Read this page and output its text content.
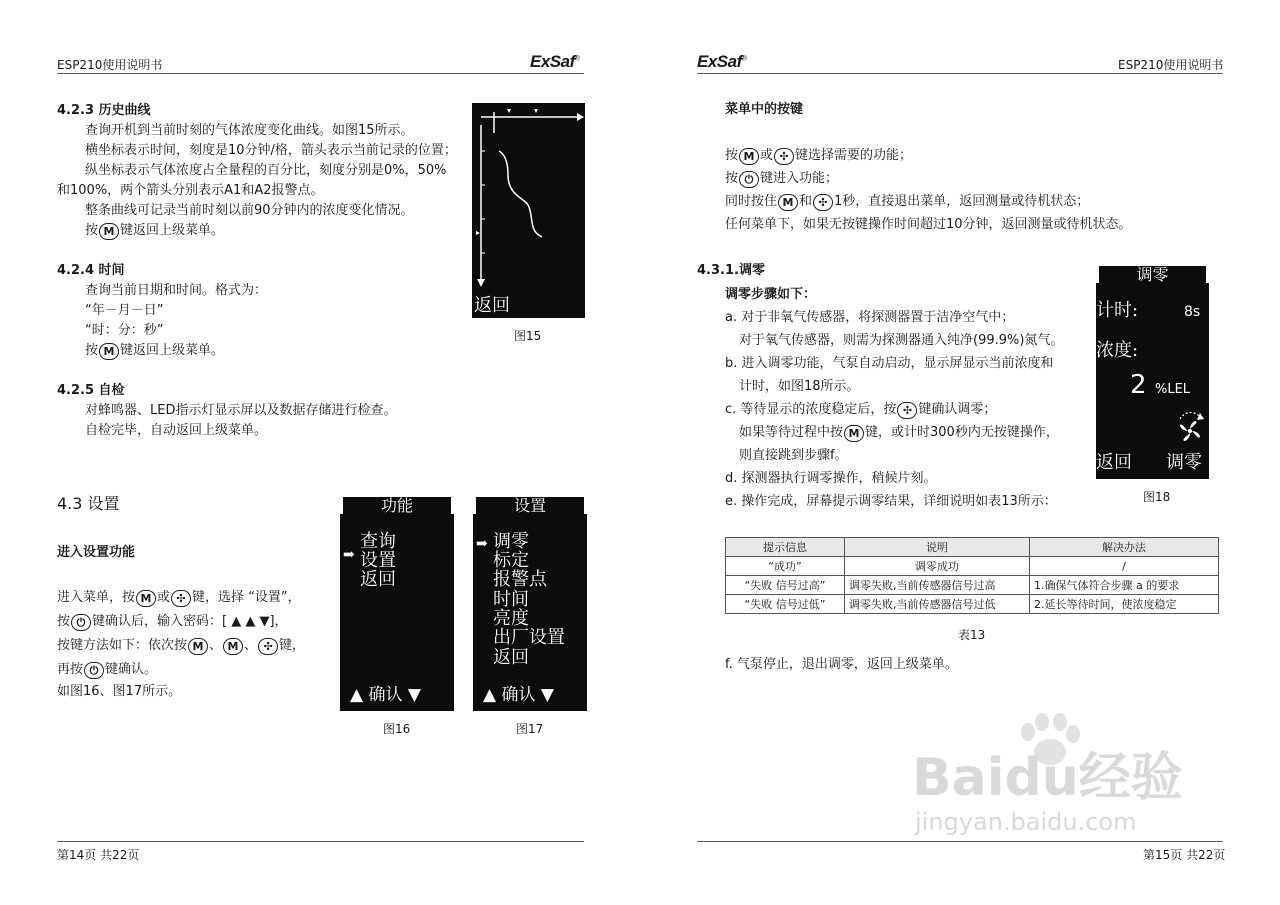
ESP210使用说明书	ExSaf®
4.2.3 历史曲线
查询开机到当前时刻的气体浓度变化曲线。如图15所示。
横坐标表示时间，刻度是10分钟/格，箭头表示当前记录的位置；
纵坐标表示气体浓度占全量程的百分比，刻度分别是0%，50%
和100%，两个箭头分别表示A1和A2报警点。
整条曲线可记录当前时刻以前90分钟内的浓度变化情况。
按 M 键返回上级菜单。
返回
图15
4.2.4 时间
查询当前日期和时间。格式为：
“年－月－日”
“时：分：秒”
按 M 键返回上级菜单。
4.2.5 自检
对蜂鸣器、LED指示灯显示屏以及数据存储进行检查。
自检完毕，自动返回上级菜单。
4.3 设置
进入设置功能
进入菜单，按 M 或 ✣ 键，选择 “设置”，
按 ⏻ 键确认后，输入密码：[ ▲ ▲ ▼]，
按键方法如下：依次按 M 、 M 、 ✣ 键，
再按 ⏻ 键确认。
如图16、图17所示。
功能
➡
查询
设置
返回
▲ 确认 ▼
图16
设置
➡ 调零
标定
报警点
时间
亮度
出厂设置
返回
▲ 确认 ▼
图17
第14页 共22页
ExSaf®	ESP210使用说明书
菜单中的按键
按 M 或 ✣ 键选择需要的功能；
按 ⏻ 键进入功能；
同时按住 M 和 ✣ 1秒，直接退出菜单，返回测量或待机状态；
任何菜单下，如果无按键操作时间超过10分钟，返回测量或待机状态。
4.3.1.调零
调零步骤如下：
a. 对于非氧气传感器，将探测器置于洁净空气中；
对于氧气传感器，则需为探测器通入纯净(99.9%)氮气。
b. 进入调零功能，气泵自动启动，显示屏显示当前浓度和
计时，如图18所示。
c. 等待显示的浓度稳定后，按 ✣ 键确认调零；
如果等待过程中按 M 键，或计时300秒内无按键操作，
则直接跳到步骤f。
d. 探测器执行调零操作，稍候片刻。
e. 操作完成，屏幕提示调零结果，详细说明如表13所示：
调零
计时:	8s
浓度:
2 %LEL
返回 调零
图18
提示信息	说明	解决办法
“成功”	调零成功	/
“失败 信号过高”	调零失败,当前传感器信号过高	1.确保气体符合步骤 a 的要求
“失败 信号过低”	调零失败,当前传感器信号过低	2.延长等待时间，使浓度稳定
表13
f. 气泵停止，退出调零，返回上级菜单。
Baidu经验
jingyan.baidu.com
第15页 共22页
